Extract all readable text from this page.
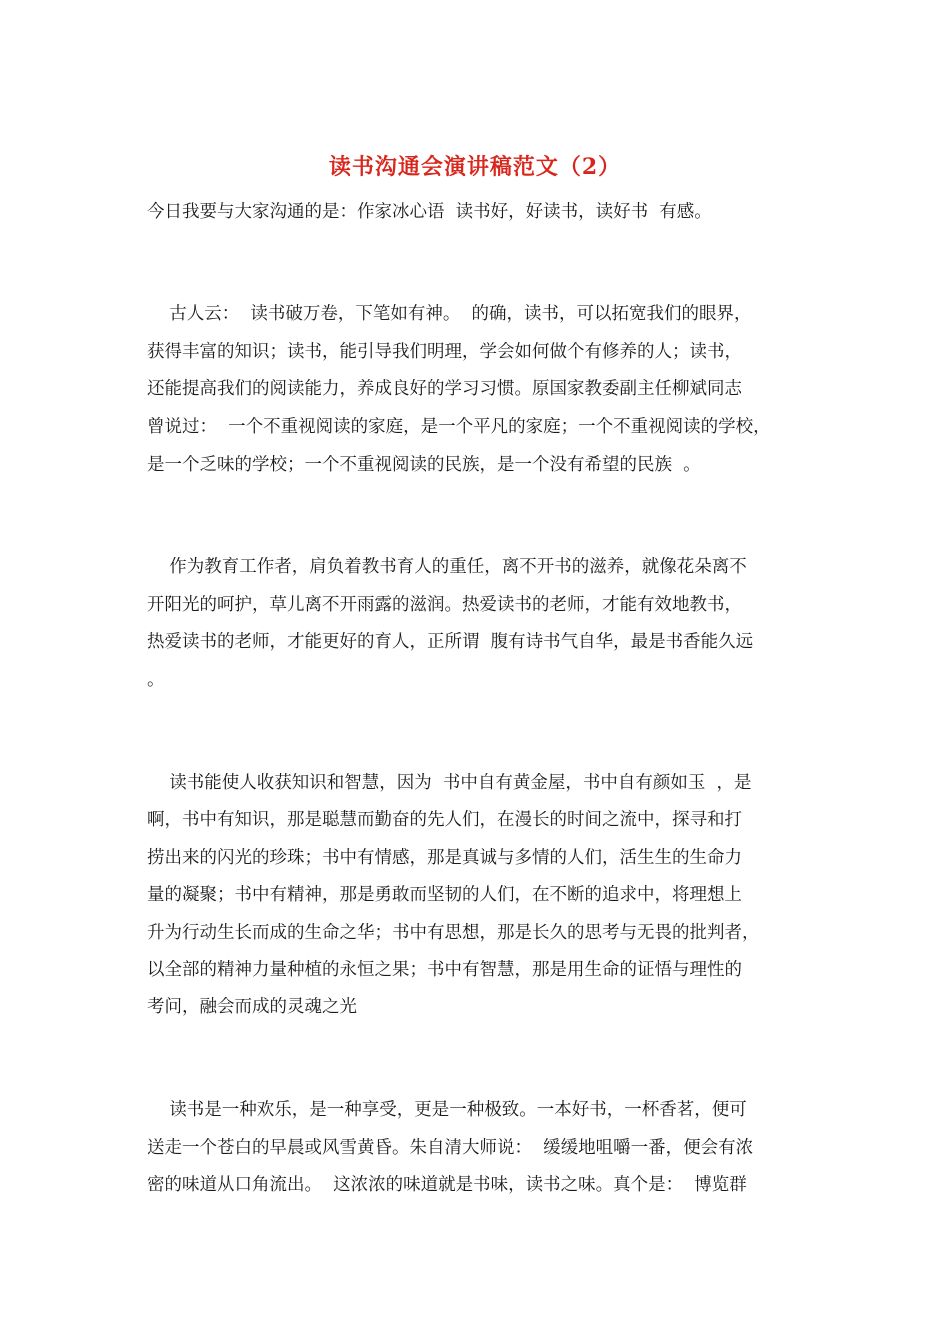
读书沟通会演讲稿范文（2）
今日我要与大家沟通的是：作家冰心语  读书好，好读书，读好书  有感。
古人云：  读书破万卷，下笔如有神。  的确，读书，可以拓宽我们的眼界，
获得丰富的知识；读书，能引导我们明理，学会如何做个有修养的人；读书，
还能提高我们的阅读能力，养成良好的学习习惯。原国家教委副主任柳斌同志
曾说过：  一个不重视阅读的家庭，是一个平凡的家庭；一个不重视阅读的学校，
是一个乏味的学校；一个不重视阅读的民族，是一个没有希望的民族  。
作为教育工作者，肩负着教书育人的重任，离不开书的滋养，就像花朵离不
开阳光的呵护，草儿离不开雨露的滋润。热爱读书的老师，才能有效地教书，
热爱读书的老师，才能更好的育人，正所谓  腹有诗书气自华，最是书香能久远
。
读书能使人收获知识和智慧，因为  书中自有黄金屋，书中自有颜如玉  ，是
啊，书中有知识，那是聪慧而勤奋的先人们，在漫长的时间之流中，探寻和打
捞出来的闪光的珍珠；书中有情感，那是真诚与多情的人们，活生生的生命力
量的凝聚；书中有精神，那是勇敢而坚韧的人们，在不断的追求中，将理想上
升为行动生长而成的生命之华；书中有思想，那是长久的思考与无畏的批判者，
以全部的精神力量种植的永恒之果；书中有智慧，那是用生命的证悟与理性的
考问，融会而成的灵魂之光
读书是一种欢乐，是一种享受，更是一种极致。一本好书，一杯香茗，便可
送走一个苍白的早晨或风雪黄昏。朱自清大师说：  缓缓地咀嚼一番，便会有浓
密的味道从口角流出。  这浓浓的味道就是书味，读书之味。真个是：  博览群
